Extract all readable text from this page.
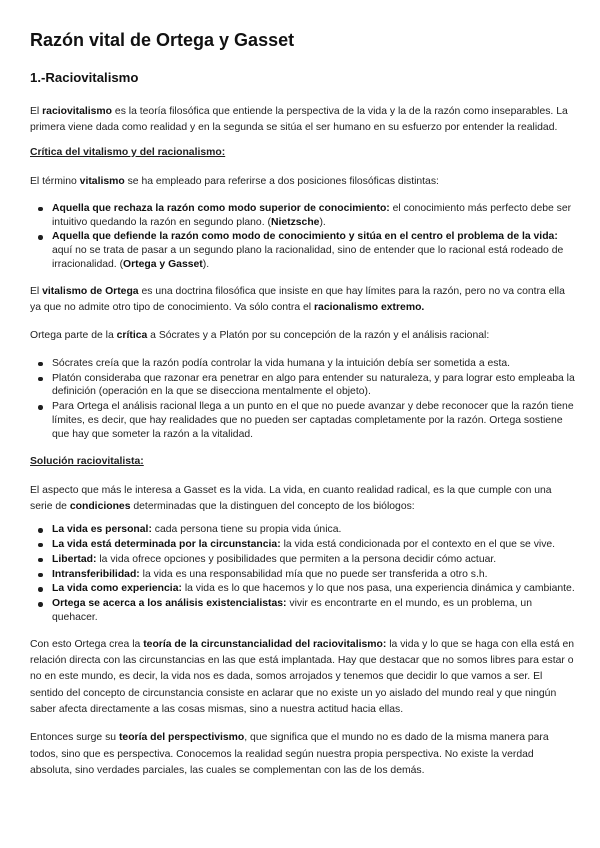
Razón vital de Ortega y Gasset
1.-Raciovitalismo

El raciovitalismo es la teoría filosófica que entiende la perspectiva de la vida y la de la razón como inseparables. La primera viene dada como realidad y en la segunda se sitúa el ser humano en su esfuerzo por entender la realidad.

Crítica del vitalismo y del racionalismo:

El término vitalismo se ha empleado para referirse a dos posiciones filosóficas distintas:

Aquella que rechaza la razón como modo superior de conocimiento: el conocimiento más perfecto debe ser intuitivo quedando la razón en segundo plano. (Nietzsche).
Aquella que defiende la razón como modo de conocimiento y sitúa en el centro el problema de la vida: aquí no se trata de pasar a un segundo plano la racionalidad, sino de entender que lo racional está rodeado de irracionalidad. (Ortega y Gasset).

El vitalismo de Ortega es una doctrina filosófica que insiste en que hay límites para la razón, pero no va contra ella ya que no admite otro tipo de conocimiento. Va sólo contra el racionalismo extremo.

Ortega parte de la crítica a Sócrates y a Platón por su concepción de la razón y el análisis racional:

Sócrates creía que la razón podía controlar la vida humana y la intuición debía ser sometida a esta.
Platón consideraba que razonar era penetrar en algo para entender su naturaleza, y para lograr esto empleaba la definición (operación en la que se disecciona mentalmente el objeto).
Para Ortega el análisis racional llega a un punto en el que no puede avanzar y debe reconocer que la razón tiene límites, es decir, que hay realidades que no pueden ser captadas completamente por la razón. Ortega sostiene que hay que someter la razón a la vitalidad.
Solución raciovitalista:

El aspecto que más le interesa a Gasset es la vida. La vida, en cuanto realidad radical, es la que cumple con una serie de condiciones determinadas que la distinguen del concepto de los biólogos:

La vida es personal: cada persona tiene su propia vida única.
La vida está determinada por la circunstancia: la vida está condicionada por el contexto en el que se vive.
Libertad: la vida ofrece opciones y posibilidades que permiten a la persona decidir cómo actuar.
Intransferibilidad: la vida es una responsabilidad mía que no puede ser transferida a otro s.h.
La vida como experiencia: la vida es lo que hacemos y lo que nos pasa, una experiencia dinámica y cambiante.
Ortega se acerca a los análisis existencialistas: vivir es encontrarte en el mundo, es un problema, un quehacer.

Con esto Ortega crea la teoría de la circunstancialidad del raciovitalismo: la vida y lo que se haga con ella está en relación directa con las circunstancias en las que está implantada. Hay que destacar que no somos libres para estar o no en este mundo, es decir, la vida nos es dada, somos arrojados y tenemos que decidir lo que vamos a ser. El sentido del concepto de circunstancia consiste en aclarar que no existe un yo aislado del mundo real y que ningún saber afecta directamente a las cosas mismas, sino a nuestra actitud hacia ellas.

Entonces surge su teoría del perspectivismo, que significa que el mundo no es dado de la misma manera para todos, sino que es perspectiva. Conocemos la realidad según nuestra propia perspectiva. No existe la verdad absoluta, sino verdades parciales, las cuales se complementan con las de los demás.
